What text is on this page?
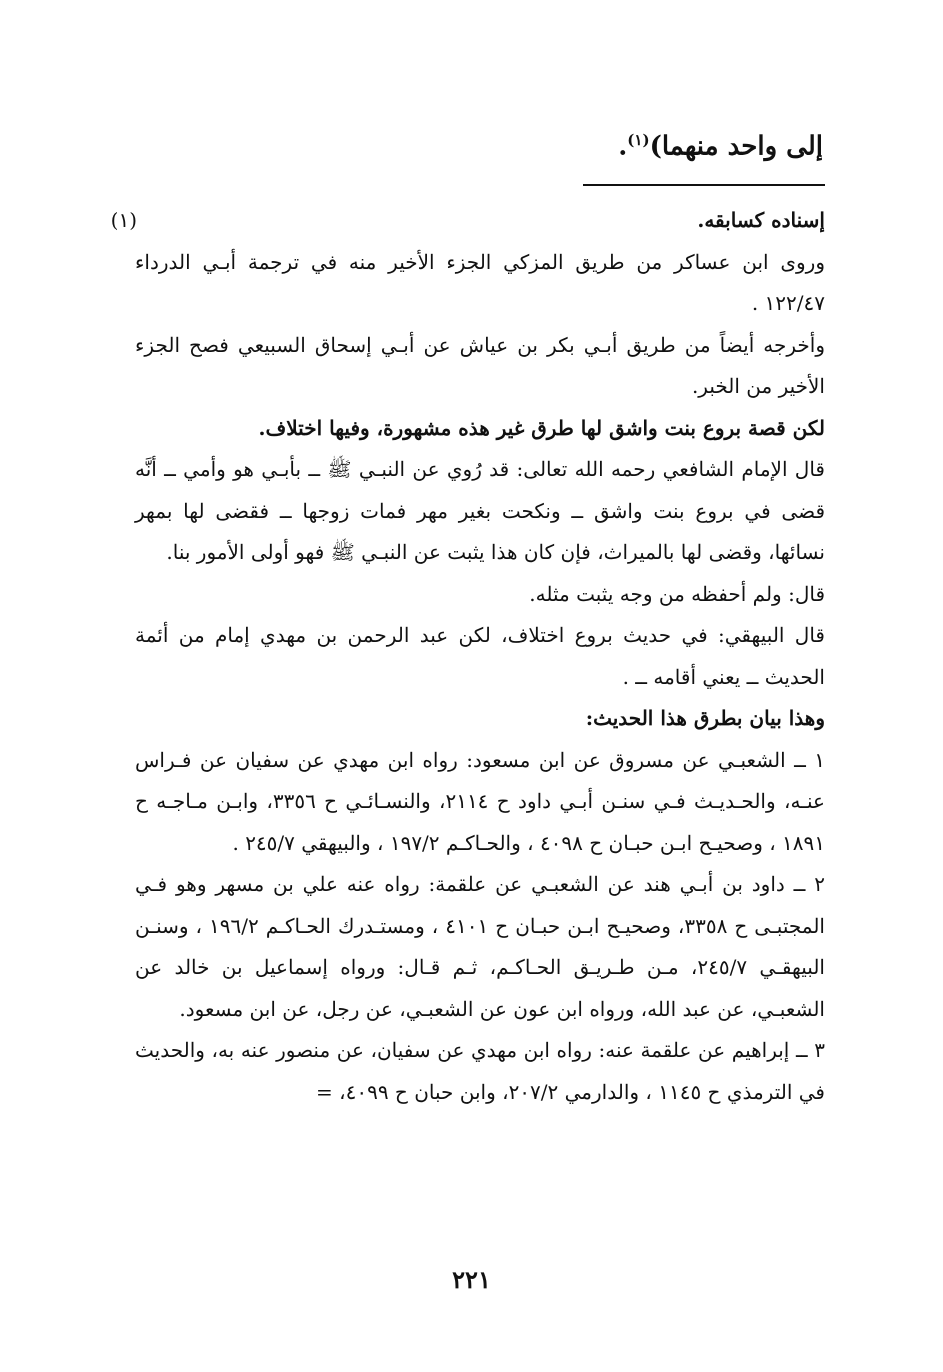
إلى واحد منهما)$^{(١)}$.
(١)	إسناده كسابقه.

وروى ابن عساكر من طريق المزكي الجزء الأخير منه في ترجمة أبـي الدرداء ١٢٢/٤٧ .

وأخرجه أيضاً من طريق أبـي بكر بن عياش عن أبـي إسحاق السبيعي فصح الجزء الأخير من الخبر.

لكن قصة بروع بنت واشق لها طرق غير هذه مشهورة، وفيها اختلاف.

قال الإمام الشافعي رحمه الله تعالى: قد رُوي عن النبـي ﷺ ــ بأبـي هو وأمي ــ أنَّه قضى في بروع بنت واشق ــ ونكحت بغير مهر فمات زوجها ــ فقضى لها بمهر نسائها، وقضى لها بالميراث، فإن كان هذا يثبت عن النبـي ﷺ فهو أولى الأمور بنا.

قال: ولم أحفظه من وجه يثبت مثله.

قال البيهقي: في حديث بروع اختلاف، لكن عبد الرحمن بن مهدي إمام من أئمة الحديث ــ يعني أقامه ــ .

وهذا بيان بطرق هذا الحديث:

١ ــ الشعبـي عن مسروق عن ابن مسعود: رواه ابن مهدي عن سفيان عن فـراس عنـه، والحـديـث فـي سنـن أبـي داود ح ٢١١٤، والنسـائـي ح ٣٣٥٦، وابـن مـاجـه ح ١٨٩١ ، وصحيـح ابـن حبـان ح ٤٠٩٨ ، والحـاكـم ١٩٧/٢ ، والبيهقي ٢٤٥/٧ .

٢ ــ داود بن أبـي هند عن الشعبـي عن علقمة: رواه عنه علي بن مسهر وهو فـي المجتبـى ح ٣٣٥٨، وصحيـح ابـن حبـان ح ٤١٠١ ، ومستـدرك الحـاكـم ١٩٦/٢ ، وسنـن البيهقـي ٢٤٥/٧، مـن طـريـق الحـاكـم، ثـم قـال: ورواه إسماعيل بن خالد عن الشعبـي، عن عبد الله، ورواه ابن عون عن الشعبـي، عن رجل، عن ابن مسعود.

٣ ــ إبراهيم عن علقمة عنه: رواه ابن مهدي عن سفيان، عن منصور عنه به، والحديث في الترمذي ح ١١٤٥ ، والدارمي ٢٠٧/٢، وابن حبان ح ٤٠٩٩، =

٢٢١
